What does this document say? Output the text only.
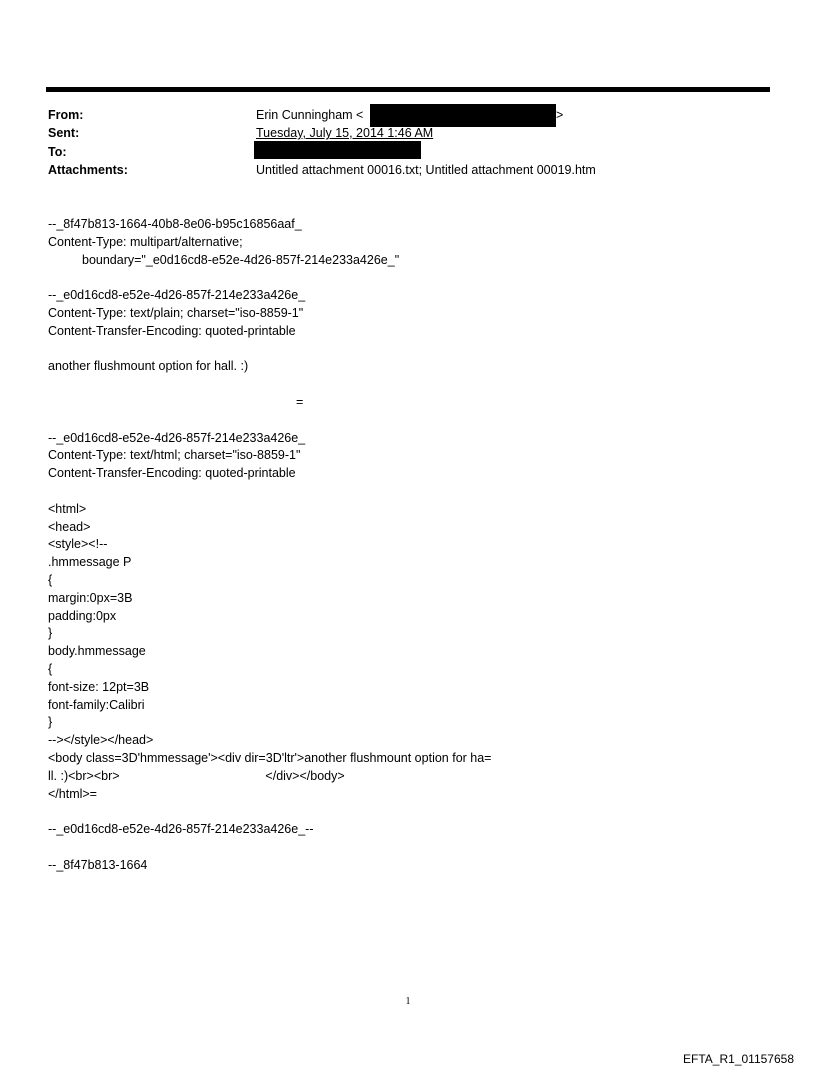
From:	Erin Cunningham <	>
Sent:	Tuesday, July 15, 2014 1:46 AM
To:
Attachments:	Untitled attachment 00016.txt; Untitled attachment 00019.htm
--_8f47b813-1664-40b8-8e06-b95c16856aaf_
Content-Type: multipart/alternative;
boundary="_e0d16cd8-e52e-4d26-857f-214e233a426e_"
--_e0d16cd8-e52e-4d26-857f-214e233a426e_
Content-Type: text/plain; charset="iso-8859-1"
Content-Transfer-Encoding: quoted-printable
another flushmount option for hall. :)
=
--_e0d16cd8-e52e-4d26-857f-214e233a426e_
Content-Type: text/html; charset="iso-8859-1"
Content-Transfer-Encoding: quoted-printable
<html>
<head>
<style><!--
.hmmessage P
{
margin:0px=3B
padding:0px
}
body.hmmessage
{
font-size: 12pt=3B
font-family:Calibri
}
--></style></head>
<body class=3D'hmmessage'><div dir=3D'ltr'>another flushmount option for ha=
ll. :)<br><br>                                          </div></body>
</html>=
--_e0d16cd8-e52e-4d26-857f-214e233a426e_--
--_8f47b813-1664
1
EFTA_R1_01157658
